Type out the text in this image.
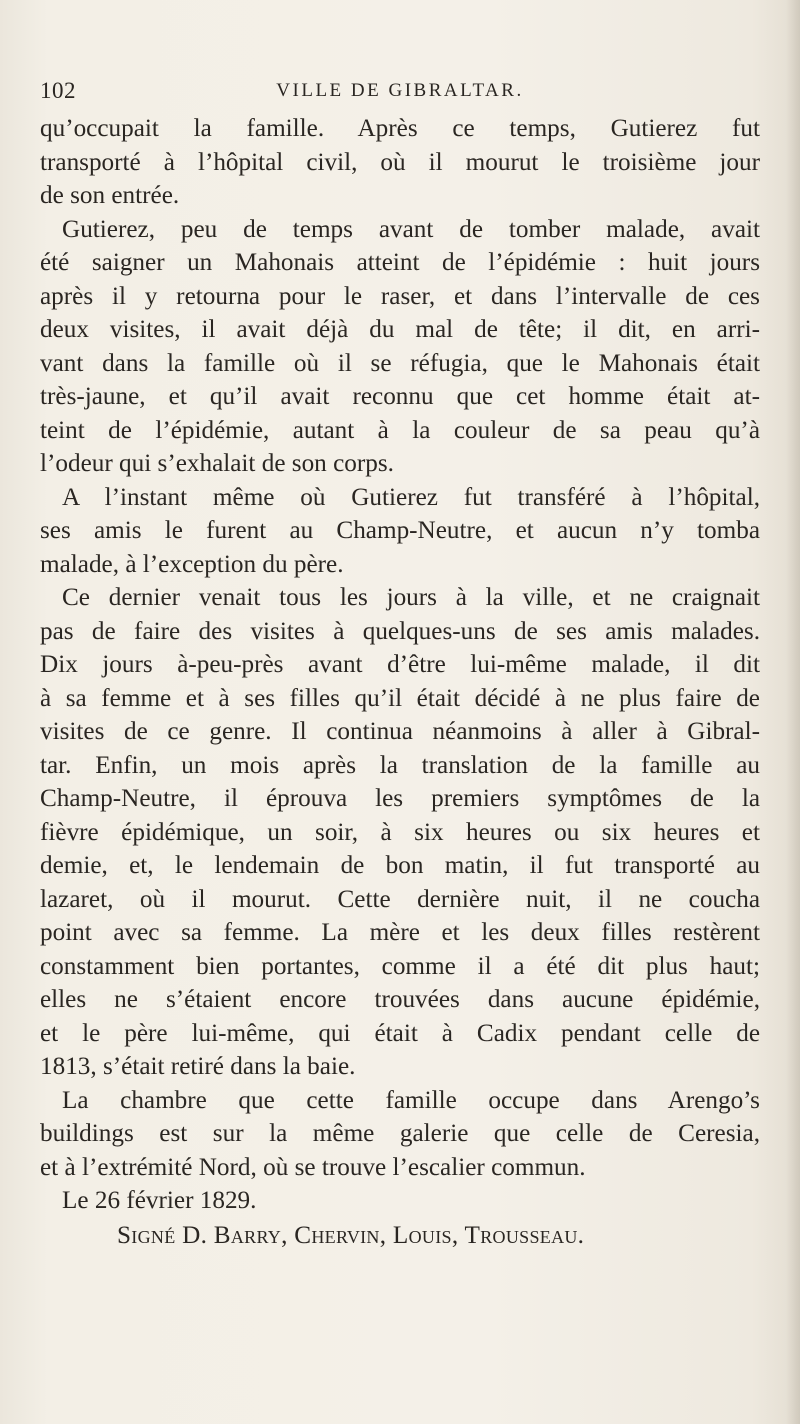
102	VILLE DE GIBRALTAR.
qu’occupait la famille. Après ce temps, Gutierez fut
transporté à l’hôpital civil, où il mourut le troisième jour
de son entrée.
Gutierez, peu de temps avant de tomber malade, avait
été saigner un Mahonais atteint de l’épidémie : huit jours
après il y retourna pour le raser, et dans l’intervalle de ces
deux visites, il avait déjà du mal de tête; il dit, en arri-
vant dans la famille où il se réfugia, que le Mahonais était
très-jaune, et qu’il avait reconnu que cet homme était at-
teint de l’épidémie, autant à la couleur de sa peau qu’à
l’odeur qui s’exhalait de son corps.
A l’instant même où Gutierez fut transféré à l’hôpital,
ses amis le furent au Champ-Neutre, et aucun n’y tomba
malade, à l’exception du père.
Ce dernier venait tous les jours à la ville, et ne craignait
pas de faire des visites à quelques-uns de ses amis malades.
Dix jours à-peu-près avant d’être lui-même malade, il dit
à sa femme et à ses filles qu’il était décidé à ne plus faire de
visites de ce genre. Il continua néanmoins à aller à Gibral-
tar. Enfin, un mois après la translation de la famille au
Champ-Neutre, il éprouva les premiers symptômes de la
fièvre épidémique, un soir, à six heures ou six heures et
demie, et, le lendemain de bon matin, il fut transporté au
lazaret, où il mourut. Cette dernière nuit, il ne coucha
point avec sa femme. La mère et les deux filles restèrent
constamment bien portantes, comme il a été dit plus haut;
elles ne s’étaient encore trouvées dans aucune épidémie,
et le père lui-même, qui était à Cadix pendant celle de
1813, s’était retiré dans la baie.
La chambre que cette famille occupe dans Arengo’s
buildings est sur la même galerie que celle de Ceresia,
et à l’extrémité Nord, où se trouve l’escalier commun.
Le 26 février 1829.
Signé D. Barry, Chervin, Louis, Trousseau.
